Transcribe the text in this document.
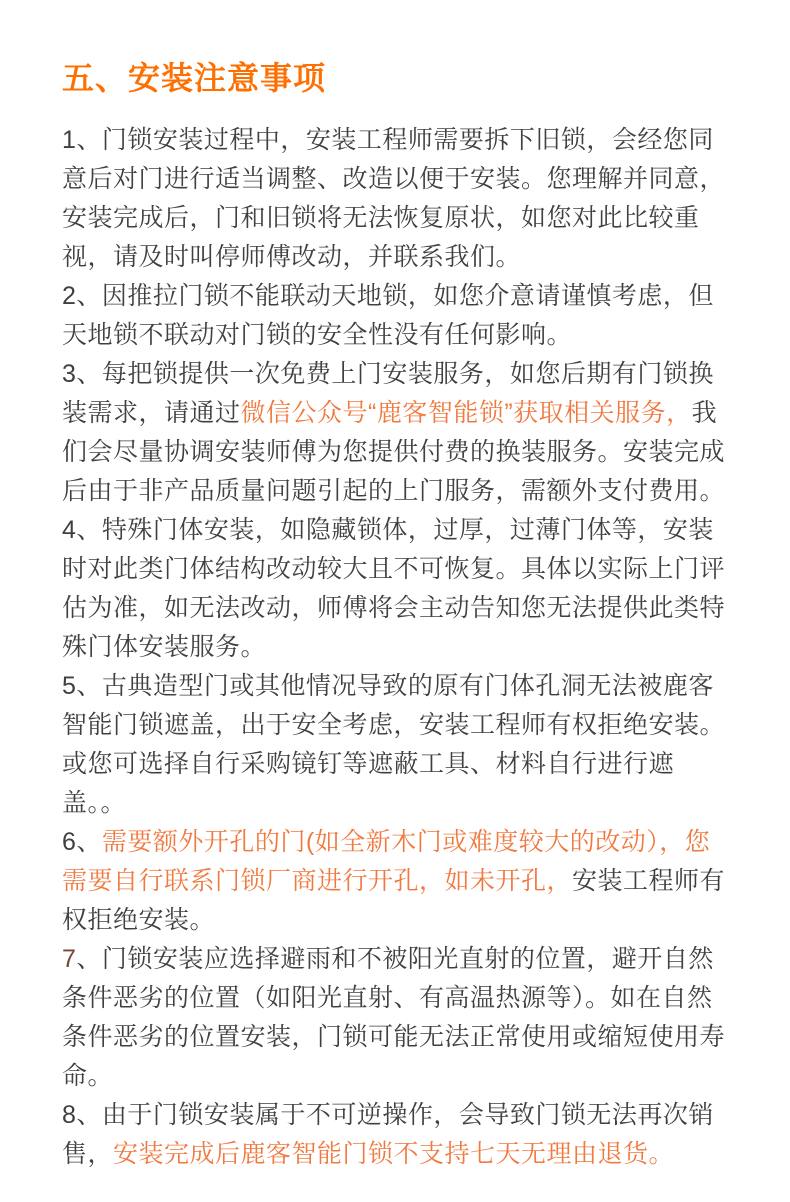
五、安装注意事项

1、门锁安装过程中，安装工程师需要拆下旧锁，会经您同意后对门进行适当调整、改造以便于安装。您理解并同意，安装完成后，门和旧锁将无法恢复原状，如您对此比较重视，请及时叫停师傅改动，并联系我们。

2、因推拉门锁不能联动天地锁，如您介意请谨慎考虑，但天地锁不联动对门锁的安全性没有任何影响。

3、每把锁提供一次免费上门安装服务，如您后期有门锁换装需求，请通过微信公众号“鹿客智能锁”获取相关服务，我们会尽量协调安装师傅为您提供付费的换装服务。安装完成后由于非产品质量问题引起的上门服务，需额外支付费用。

4、特殊门体安装，如隐藏锁体，过厚，过薄门体等，安装时对此类门体结构改动较大且不可恢复。具体以实际上门评估为准，如无法改动，师傅将会主动告知您无法提供此类特殊门体安装服务。

5、古典造型门或其他情况导致的原有门体孔洞无法被鹿客智能门锁遮盖，出于安全考虑，安装工程师有权拒绝安装。或您可选择自行采购镜钉等遮蔽工具、材料自行进行遮盖。。

6、需要额外开孔的门(如全新木门或难度较大的改动），您需要自行联系门锁厂商进行开孔，如未开孔，安装工程师有权拒绝安装。

7、门锁安装应选择避雨和不被阳光直射的位置，避开自然条件恶劣的位置（如阳光直射、有高温热源等）。如在自然条件恶劣的位置安装，门锁可能无法正常使用或缩短使用寿命。

8、由于门锁安装属于不可逆操作，会导致门锁无法再次销售，安装完成后鹿客智能门锁不支持七天无理由退货。
